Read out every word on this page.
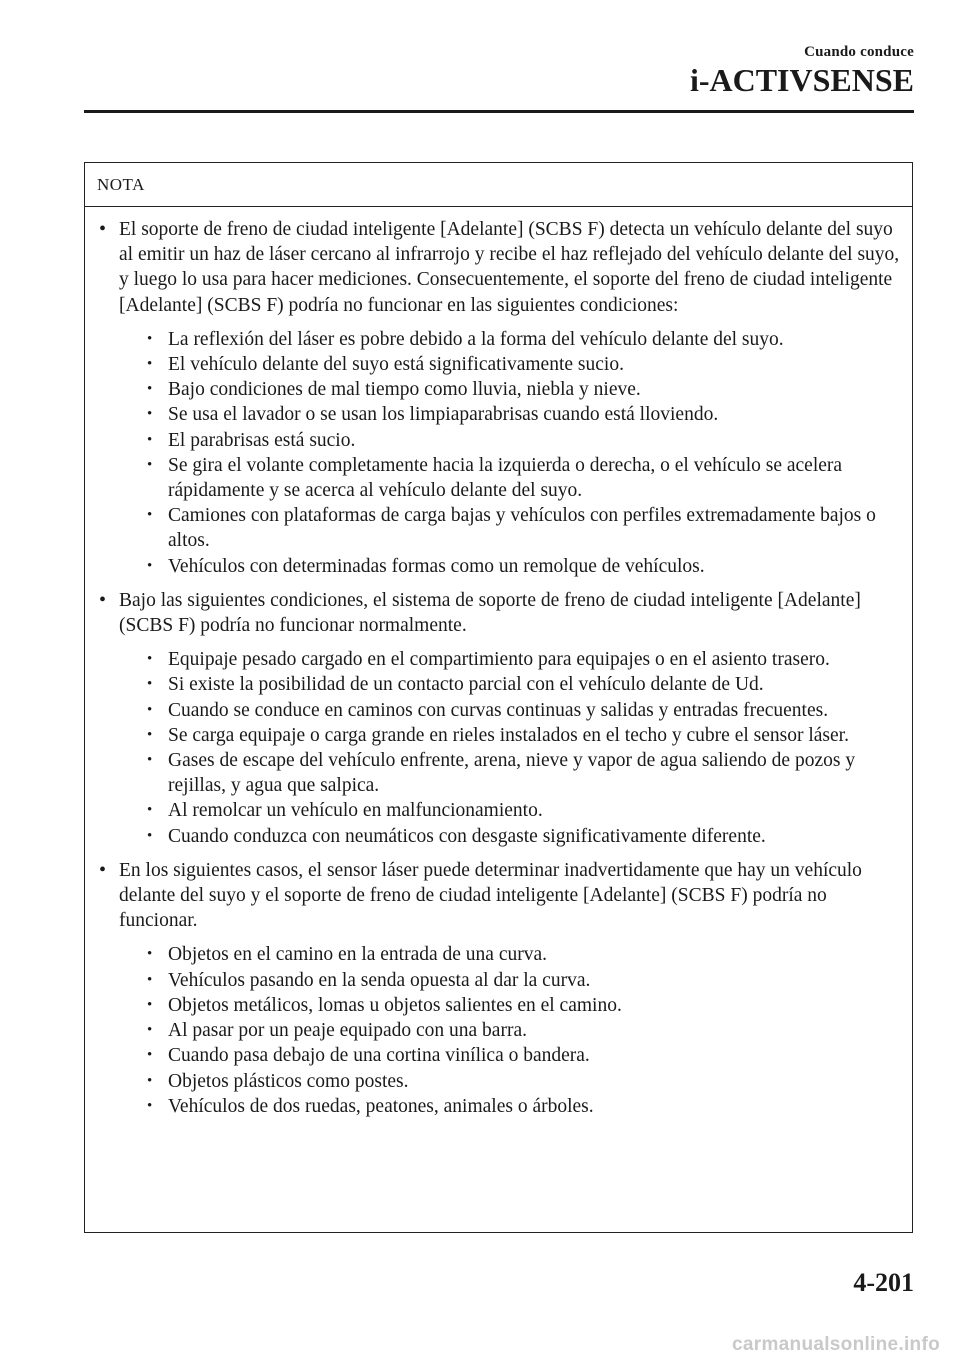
Cuando conduce
i-ACTIVSENSE
NOTA
• El soporte de freno de ciudad inteligente [Adelante] (SCBS F) detecta un vehículo delante del suyo al emitir un haz de láser cercano al infrarrojo y recibe el haz reflejado del vehículo delante del suyo, y luego lo usa para hacer mediciones. Consecuentemente, el soporte del freno de ciudad inteligente [Adelante] (SCBS F) podría no funcionar en las siguientes condiciones:
• La reflexión del láser es pobre debido a la forma del vehículo delante del suyo.
• El vehículo delante del suyo está significativamente sucio.
• Bajo condiciones de mal tiempo como lluvia, niebla y nieve.
• Se usa el lavador o se usan los limpiaparabrisas cuando está lloviendo.
• El parabrisas está sucio.
• Se gira el volante completamente hacia la izquierda o derecha, o el vehículo se acelera rápidamente y se acerca al vehículo delante del suyo.
• Camiones con plataformas de carga bajas y vehículos con perfiles extremadamente bajos o altos.
• Vehículos con determinadas formas como un remolque de vehículos.
• Bajo las siguientes condiciones, el sistema de soporte de freno de ciudad inteligente [Adelante] (SCBS F) podría no funcionar normalmente.
• Equipaje pesado cargado en el compartimiento para equipajes o en el asiento trasero.
• Si existe la posibilidad de un contacto parcial con el vehículo delante de Ud.
• Cuando se conduce en caminos con curvas continuas y salidas y entradas frecuentes.
• Se carga equipaje o carga grande en rieles instalados en el techo y cubre el sensor láser.
• Gases de escape del vehículo enfrente, arena, nieve y vapor de agua saliendo de pozos y rejillas, y agua que salpica.
• Al remolcar un vehículo en malfuncionamiento.
• Cuando conduzca con neumáticos con desgaste significativamente diferente.
• En los siguientes casos, el sensor láser puede determinar inadvertidamente que hay un vehículo delante del suyo y el soporte de freno de ciudad inteligente [Adelante] (SCBS F) podría no funcionar.
• Objetos en el camino en la entrada de una curva.
• Vehículos pasando en la senda opuesta al dar la curva.
• Objetos metálicos, lomas u objetos salientes en el camino.
• Al pasar por un peaje equipado con una barra.
• Cuando pasa debajo de una cortina vinílica o bandera.
• Objetos plásticos como postes.
• Vehículos de dos ruedas, peatones, animales o árboles.
4-201
carmanualsonline.info
